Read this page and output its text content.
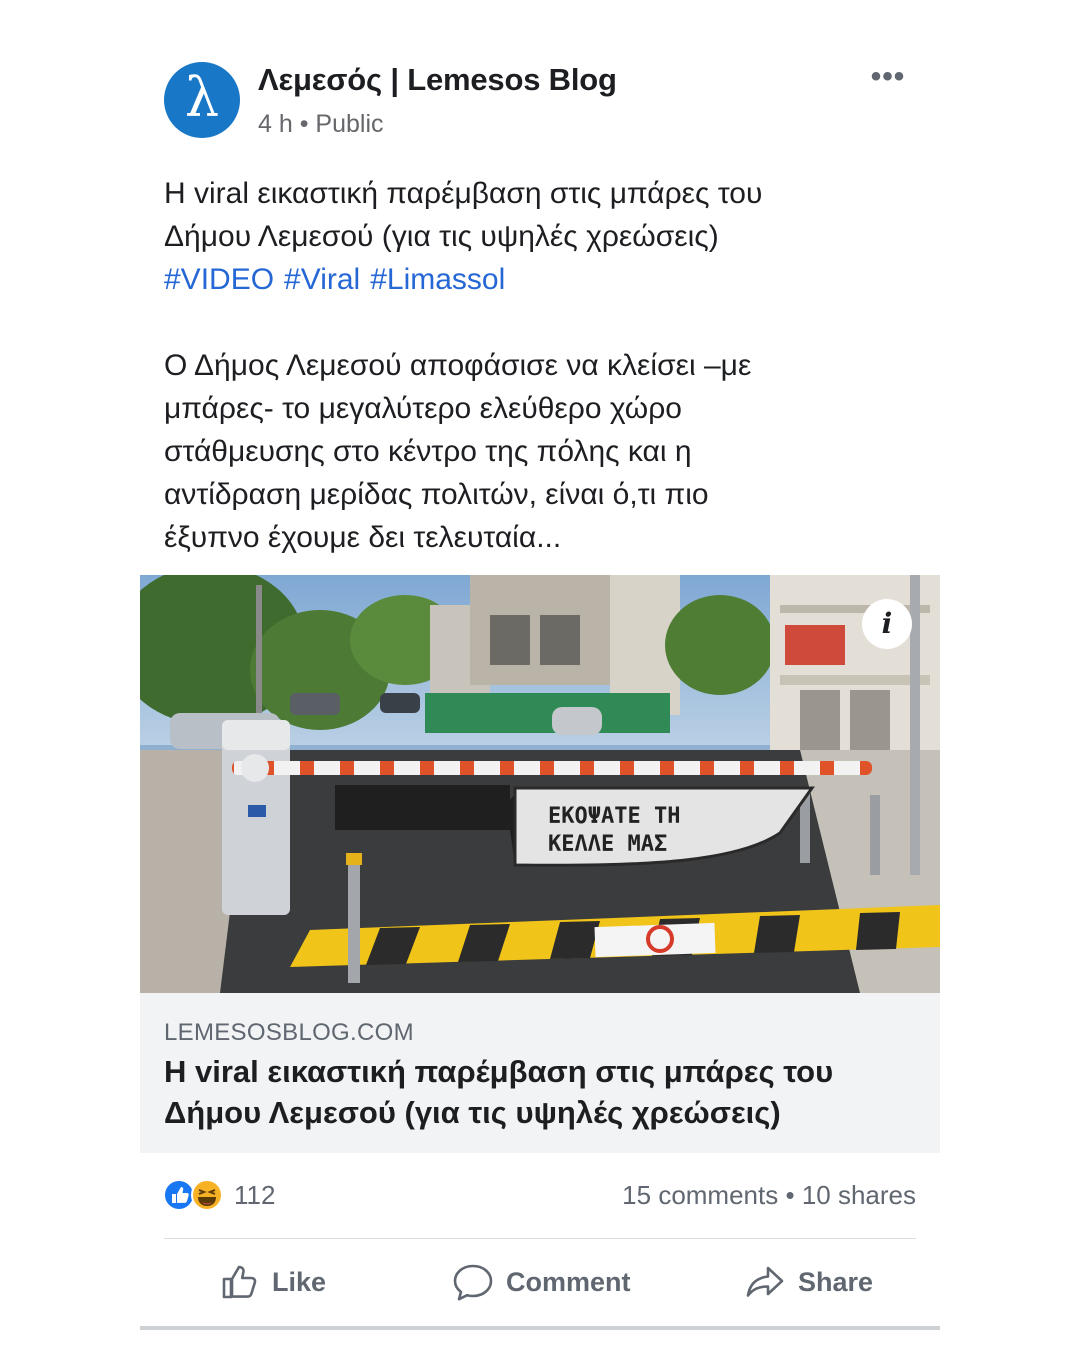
λ	Λεμεσός | Lemesos Blog
4 h • Public
•••
Η viral εικαστική παρέμβαση στις μπάρες του
Δήμου Λεμεσού (για τις υψηλές χρεώσεις)
#VIDEO #Viral #Limassol
Ο Δήμος Λεμεσού αποφάσισε να κλείσει –με
μπάρες- το μεγαλύτερο ελεύθερο χώρο
στάθμευσης στο κέντρο της πόλης και η
αντίδραση μερίδας πολιτών, είναι ό,τι πιο
έξυπνο έχουμε δει τελευταία...
ΕΚΟΨΑΤΕ ΤΗ
ΚΕΛΛΕ ΜΑΣ
i
LEMESOSBLOG.COM
Η viral εικαστική παρέμβαση στις μπάρες του
Δήμου Λεμεσού (για τις υψηλές χρεώσεις)
112	15 comments • 10 shares
Like	Comment	Share
